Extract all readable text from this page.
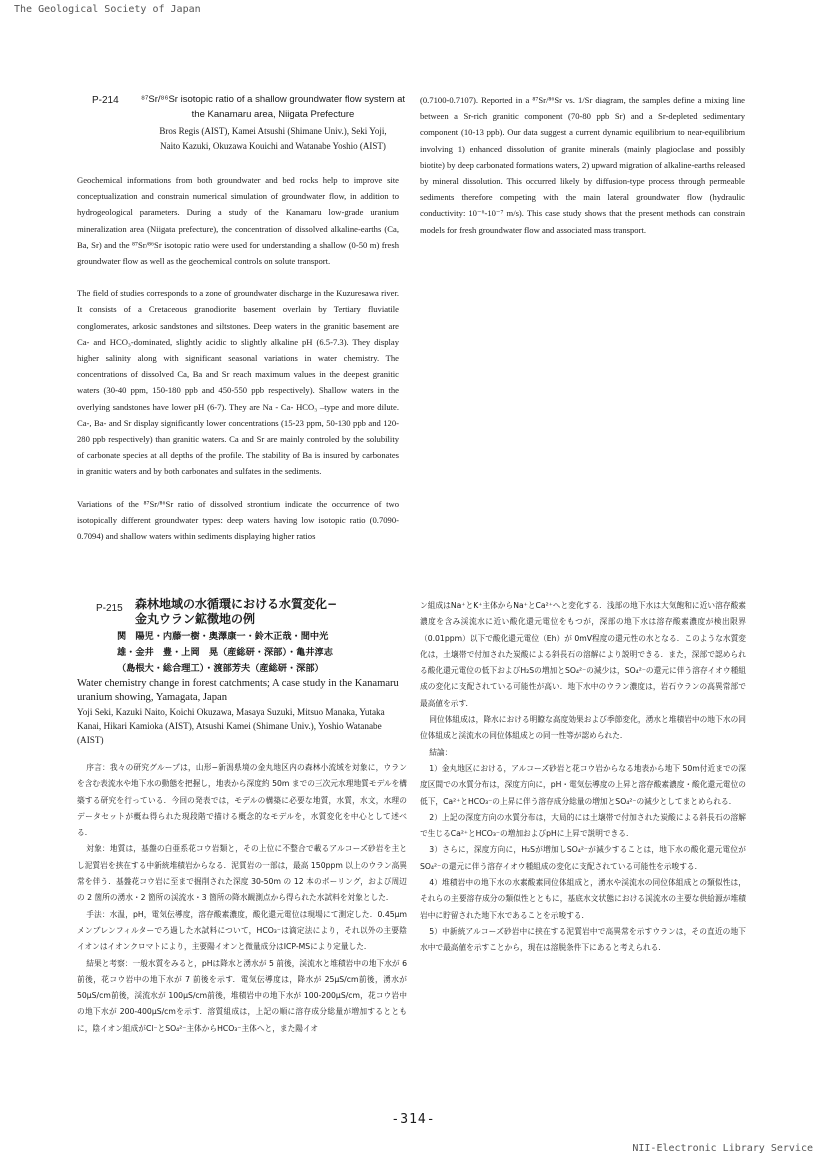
The Geological Society of Japan
P-214	⁸⁷Sr/⁸⁶Sr isotopic ratio of a shallow groundwater flow system at
the Kanamaru area, Niigata Prefecture
Bros Regis (AIST), Kamei Atsushi (Shimane Univ.), Seki Yoji,
Naito Kazuki, Okuzawa Kouichi and Watanabe Yoshio (AIST)

Geochemical informations from both groundwater and bed rocks help to improve site conceptualization and constrain numerical simulation of groundwater flow, in addition to hydrogeological parameters. During a study of the Kanamaru low-grade uranium mineralization area (Niigata prefecture), the concentration of dissolved alkaline-earths (Ca, Ba, Sr) and the ⁸⁷Sr/⁸⁶Sr isotopic ratio were used for understanding a shallow (0-50 m) fresh groundwater flow as well as the geochemical controls on solute transport.

The field of studies corresponds to a zone of groundwater discharge in the Kuzuresawa river. It consists of a Cretaceous granodiorite basement overlain by Tertiary fluviatile conglomerates, arkosic sandstones and siltstones. Deep waters in the granitic basement are Ca- and HCO₃-dominated, slightly acidic to slightly alkaline pH (6.5-7.3). They display higher salinity along with significant seasonal variations in water chemistry. The concentrations of dissolved Ca, Ba and Sr reach maximum values in the deepest granitic waters (30-40 ppm, 150-180 ppb and 450-550 ppb respectively). Shallow waters in the overlying sandstones have lower pH (6-7). They are Na - Ca- HCO₃ –type and more dilute. Ca-, Ba- and Sr display significantly lower concentrations (15-23 ppm, 50-130 ppb and 120-280 ppb respectively) than granitic waters. Ca and Sr are mainly controled by the solubility of carbonate species at all depths of the profile. The stability of Ba is insured by carbonates in granitic waters and by both carbonates and sulfates in the sediments.

Variations of the ⁸⁷Sr/⁸⁶Sr ratio of dissolved strontium indicate the occurrence of two isotopically different groundwater types: deep waters having low isotopic ratio (0.7090-0.7094) and shallow waters within sediments displaying higher ratios

(0.7100-0.7107). Reported in a ⁸⁷Sr/⁸⁶Sr vs. 1/Sr diagram, the samples define a mixing line between a Sr-rich granitic component (70-80 ppb Sr) and a Sr-depleted sedimentary component (10-13 ppb). Our data suggest a current dynamic equilibrium to near-equilibrium involving 1) enhanced dissolution of granite minerals (mainly plagioclase and possibly biotite) by deep carbonated formations waters, 2) upward migration of alkaline-earths released by mineral dissolution. This occurred likely by diffusion-type process through permeable sediments therefore competing with the main lateral groundwater flow (hydraulic conductivity: 10⁻⁶-10⁻⁷ m/s). This case study shows that the present methods can constrain models for fresh groundwater flow and associated mass transport.

P-215 森林地域の水循環における水質変化−
金丸ウラン鉱徴地の例
関　陽児・内藤一樹・奥澤康一・鈴木正哉・間中光
雄・金井　豊・上岡　晃（産総研・深部）・亀井淳志
（島根大・総合理工）・渡部芳夫（産総研・深部）
Water chemistry change in forest catchments; A case study in the Kanamaru uranium showing, Yamagata, Japan
Yoji Seki, Kazuki Naito, Koichi Okuzawa, Masaya Suzuki, Mitsuo Manaka, Yutaka Kanai, Hikari Kamioka (AIST), Atsushi Kamei (Shimane Univ.), Yoshio Watanabe (AIST)

序言：我々の研究グループは，山形−新潟県境の金丸地区内の森林小流域を対象に，ウランを含む表流水や地下水の動態を把握し，地表から深度約 50m までの三次元水理地質モデルを構築する研究を行っている．今回の発表では，モデルの構築に必要な地質，水質，水文，水理のデータセットが概ね得られた現段階で描ける概念的なモデルを，水質変化を中心として述べる．

対象：地質は，基盤の白亜系花コウ岩類と，その上位に不整合で載るアルコーズ砂岩を主とし泥質岩を挟在する中新統堆積岩からなる．泥質岩の一部は，最高 150ppm 以上のウラン高異常を伴う．基盤花コウ岩に至まで掘削された深度 30-50m の 12 本のボーリング，および周辺の 2 箇所の湧水・2 箇所の渓流水・3 箇所の降水観測点から得られた水試料を対象とした．

手法：水温，pH，電気伝導度，溶存酸素濃度，酸化還元電位は現場にて測定した．0.45μmメンブレンフィルターでろ過した水試料について，HCO₃⁻は滴定法により，それ以外の主要陰イオンはイオンクロマトにより，主要陽イオンと微量成分はICP-MSにより定量した．

結果と考察：一般水質をみると，pHは降水と湧水が 5 前後，渓流水と堆積岩中の地下水が 6 前後，花コウ岩中の地下水が 7 前後を示す．電気伝導度は，降水が 25μS/cm前後，湧水が 50μS/cm前後，渓流水が 100μS/cm前後，堆積岩中の地下水が 100-200μS/cm，花コウ岩中の地下水が 200-400μS/cmを示す．溶質組成は，上記の順に溶存成分総量が増加するとともに，陰イオン組成がCl⁻とSO₄²⁻主体からHCO₃⁻主体へと，また陽イオ

ン組成はNa⁺とK⁺主体からNa⁺とCa²⁺へと変化する．浅部の地下水は大気飽和に近い溶存酸素濃度を含み渓流水に近い酸化還元電位をもつが，深部の地下水は溶存酸素濃度が検出限界（0.01ppm）以下で酸化還元電位（Eh）が 0mV程度の還元性の水となる．このような水質変化は，土壌帯で付加された炭酸による斜長石の溶解により説明できる．また，深部で認められる酸化還元電位の低下およびH₂Sの増加とSO₄²⁻の減少は，SO₄²⁻の還元に伴う溶存イオウ種組成の変化に支配されている可能性が高い．地下水中のウラン濃度は，岩石ウランの高異常部で最高値を示す．

同位体組成は，降水における明瞭な高度効果および季節変化，湧水と堆積岩中の地下水の同位体組成と渓流水の同位体組成との同一性等が認められた．

結論：

1）金丸地区における，アルコーズ砂岩と花コウ岩からなる地表から地下 50m付近までの深度区間での水質分布は，深度方向に，pH・電気伝導度の上昇と溶存酸素濃度・酸化還元電位の低下，Ca²⁺とHCO₃⁻の上昇に伴う溶存成分総量の増加とSO₄²⁻の減少としてまとめられる．

2）上記の深度方向の水質分布は，大局的には土壌帯で付加された炭酸による斜長石の溶解で生じるCa²⁺とHCO₃⁻の増加およびpHに上昇で説明できる．

3）さらに，深度方向に，H₂Sが増加しSO₄²⁻が減少することは，地下水の酸化還元電位がSO₄²⁻の還元に伴う溶存イオウ種組成の変化に支配されている可能性を示唆する．

4）堆積岩中の地下水の水素酸素同位体組成と，湧水や渓流水の同位体組成との類似性は，それらの主要溶存成分の類似性とともに，基底水文状態における渓流水の主要な供給源が堆積岩中に貯留された地下水であることを示唆する．

5）中新統アルコーズ砂岩中に挟在する泥質岩中で高異常を示すウランは，その直近の地下水中で最高値を示すことから，現在は溶脱条件下にあると考えられる．

-314-
NII-Electronic Library Service
